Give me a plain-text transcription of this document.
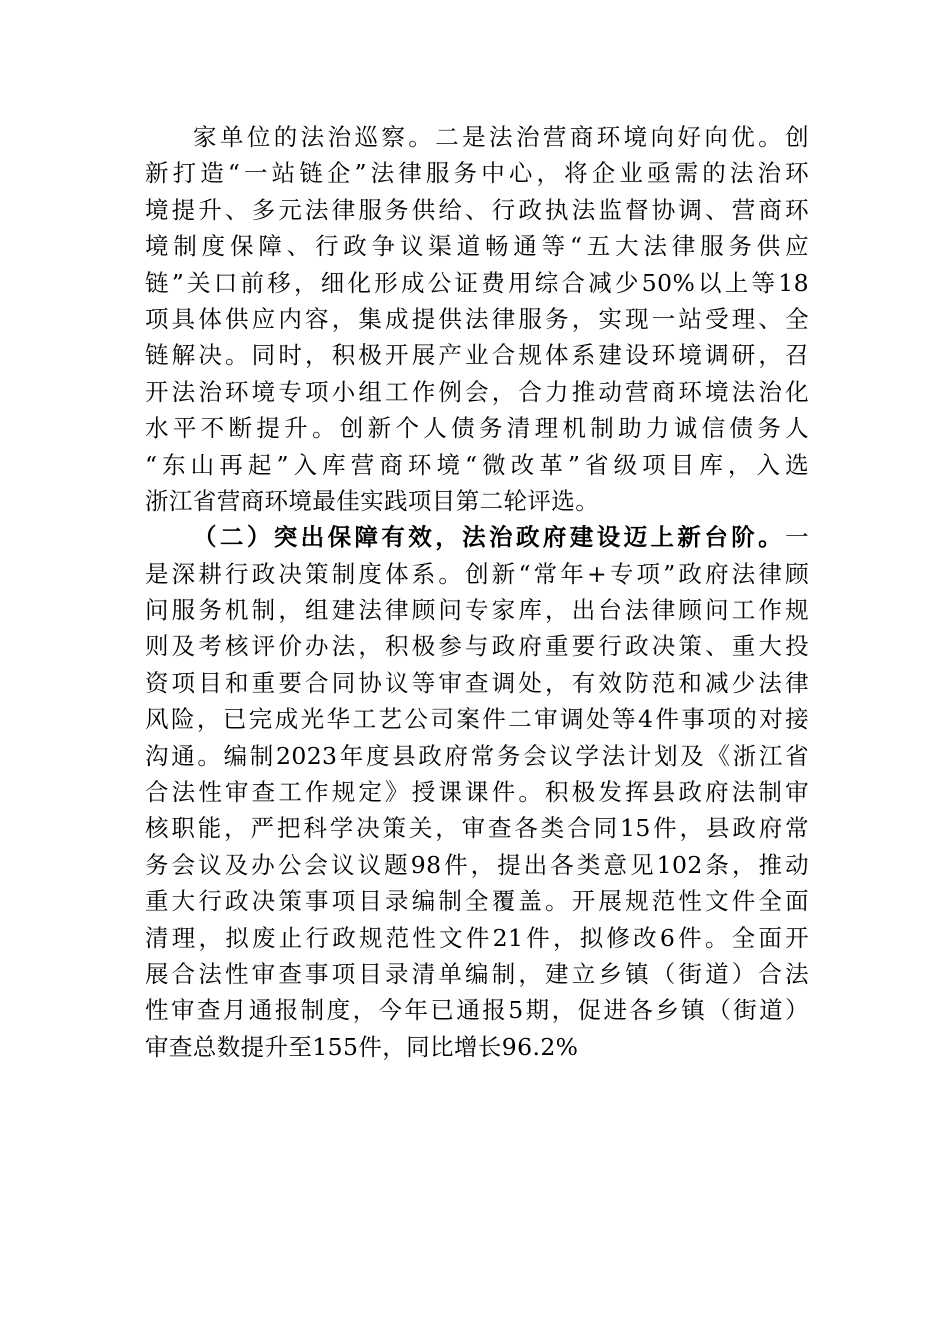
家单位的法治巡察。二是法治营商环境向好向优。创
新打造“一站链企”法律服务中心，将企业亟需的法治环
境提升、多元法律服务供给、行政执法监督协调、营商环
境制度保障、行政争议渠道畅通等“五大法律服务供应
链”关口前移，细化形成公证费用综合减少50%以上等18
项具体供应内容，集成提供法律服务，实现一站受理、全
链解决。同时，积极开展产业合规体系建设环境调研，召
开法治环境专项小组工作例会，合力推动营商环境法治化
水平不断提升。创新个人债务清理机制助力诚信债务人
“东山再起”入库营商环境“微改革”省级项目库，入选
浙江省营商环境最佳实践项目第二轮评选。
（二）突出保障有效，法治政府建设迈上新台阶。一
是深耕行政决策制度体系。创新“常年+专项”政府法律顾
问服务机制，组建法律顾问专家库，出台法律顾问工作规
则及考核评价办法，积极参与政府重要行政决策、重大投
资项目和重要合同协议等审查调处，有效防范和减少法律
风险，已完成光华工艺公司案件二审调处等4件事项的对接
沟通。编制2023年度县政府常务会议学法计划及《浙江省
合法性审查工作规定》授课课件。积极发挥县政府法制审
核职能，严把科学决策关，审查各类合同15件，县政府常
务会议及办公会议议题98件，提出各类意见102条，推动
重大行政决策事项目录编制全覆盖。开展规范性文件全面
清理，拟废止行政规范性文件21件，拟修改6件。全面开
展合法性审查事项目录清单编制，建立乡镇（街道）合法
性审查月通报制度，今年已通报5期，促进各乡镇（街道）
审查总数提升至155件，同比增长96.2%
